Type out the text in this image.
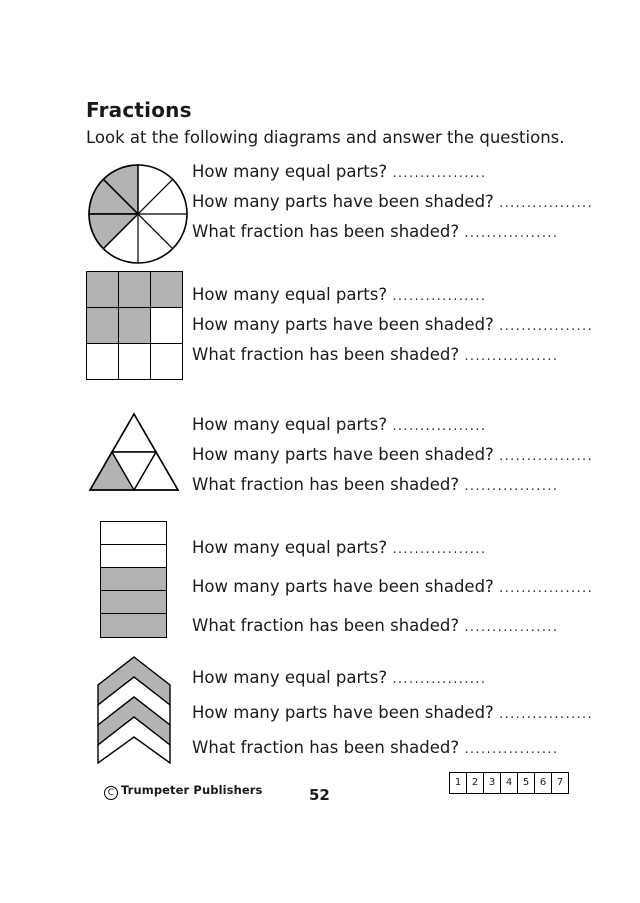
Fractions
Look at the following diagrams and answer the questions.
How many equal parts? .................
How many parts have been shaded? .................
What fraction has been shaded? .................
How many equal parts? .................
How many parts have been shaded? .................
What fraction has been shaded? .................
How many equal parts? .................
How many parts have been shaded? .................
What fraction has been shaded? .................
How many equal parts? .................
How many parts have been shaded? .................
What fraction has been shaded? .................
How many equal parts? .................
How many parts have been shaded? .................
What fraction has been shaded? .................
C Trumpeter Publishers	52
1	2	3	4	5	6	7
